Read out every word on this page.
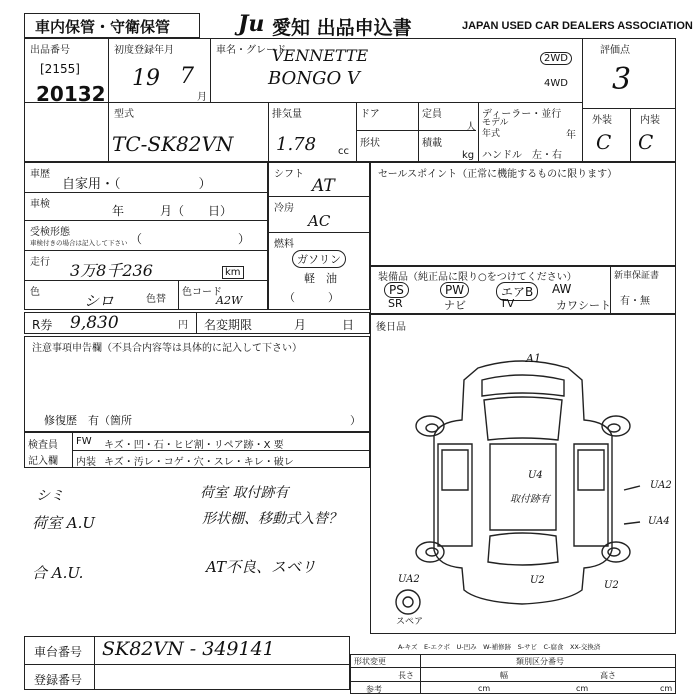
車内保管・守衛保管	Ju 愛知 出品申込書	JAPAN USED CAR DEALERS ASSOCIATION
出品番号
[2155]
20132
初度登録年月
19 7
月
車名・グレード
VENNETTE
BONGO V
2WD
4WD
評価点
3
型式
TC-SK82VN
排気量
1.78 cc
ドア
形状
定員
人
積載
kg
ディーラー・並行
モデル年式	年
ハンドル　左・右
外装	内装
C C
車歴
自家用・（　　　　　　）
車検	年　　　月（　　日）
受検形態
車検付きの場合は記入して下さい （　　　　　　　　）
走行 3万8千236	km
色	シロ	色替
色コード
A2W
シフト
AT
冷房
AC
燃料
ガソリン
軽　油
（　　　）
セールスポイント（正常に機能するものに限ります）
装備品（純正品に限り○をつけてください）
PS	PW	エアB	AW
SR	ナビ	TV	カワシート
新車保証書
有・無
R券 9,830	円 名変期限	月　　　日 後日品
注意事項申告欄（不具合内容等は具体的に記入して下さい）
修復歴　有（箇所	）
検査員
記入欄
FW キズ・凹・石・ヒビ割・リペア跡・X 要
内装 キズ・汚レ・コゲ・穴・スレ・キレ・破レ
シミ	荷室 取付跡有
荷室 A.U	形状棚、移動式入替？
合 A.U.	AT不良、スベリ
A1
U4
取付跡有
UA2
UA4
U2	U2
UA2
スペア
A-キズ　E-エクボ　U-凹み　W-補修跡　S-サビ　C-腐食　XX-交換済
車台番号 SK82VN - 349141
登録番号
形状変更	類別区分番号
長さ	幅	高さ
参考	cm	cm	cm
